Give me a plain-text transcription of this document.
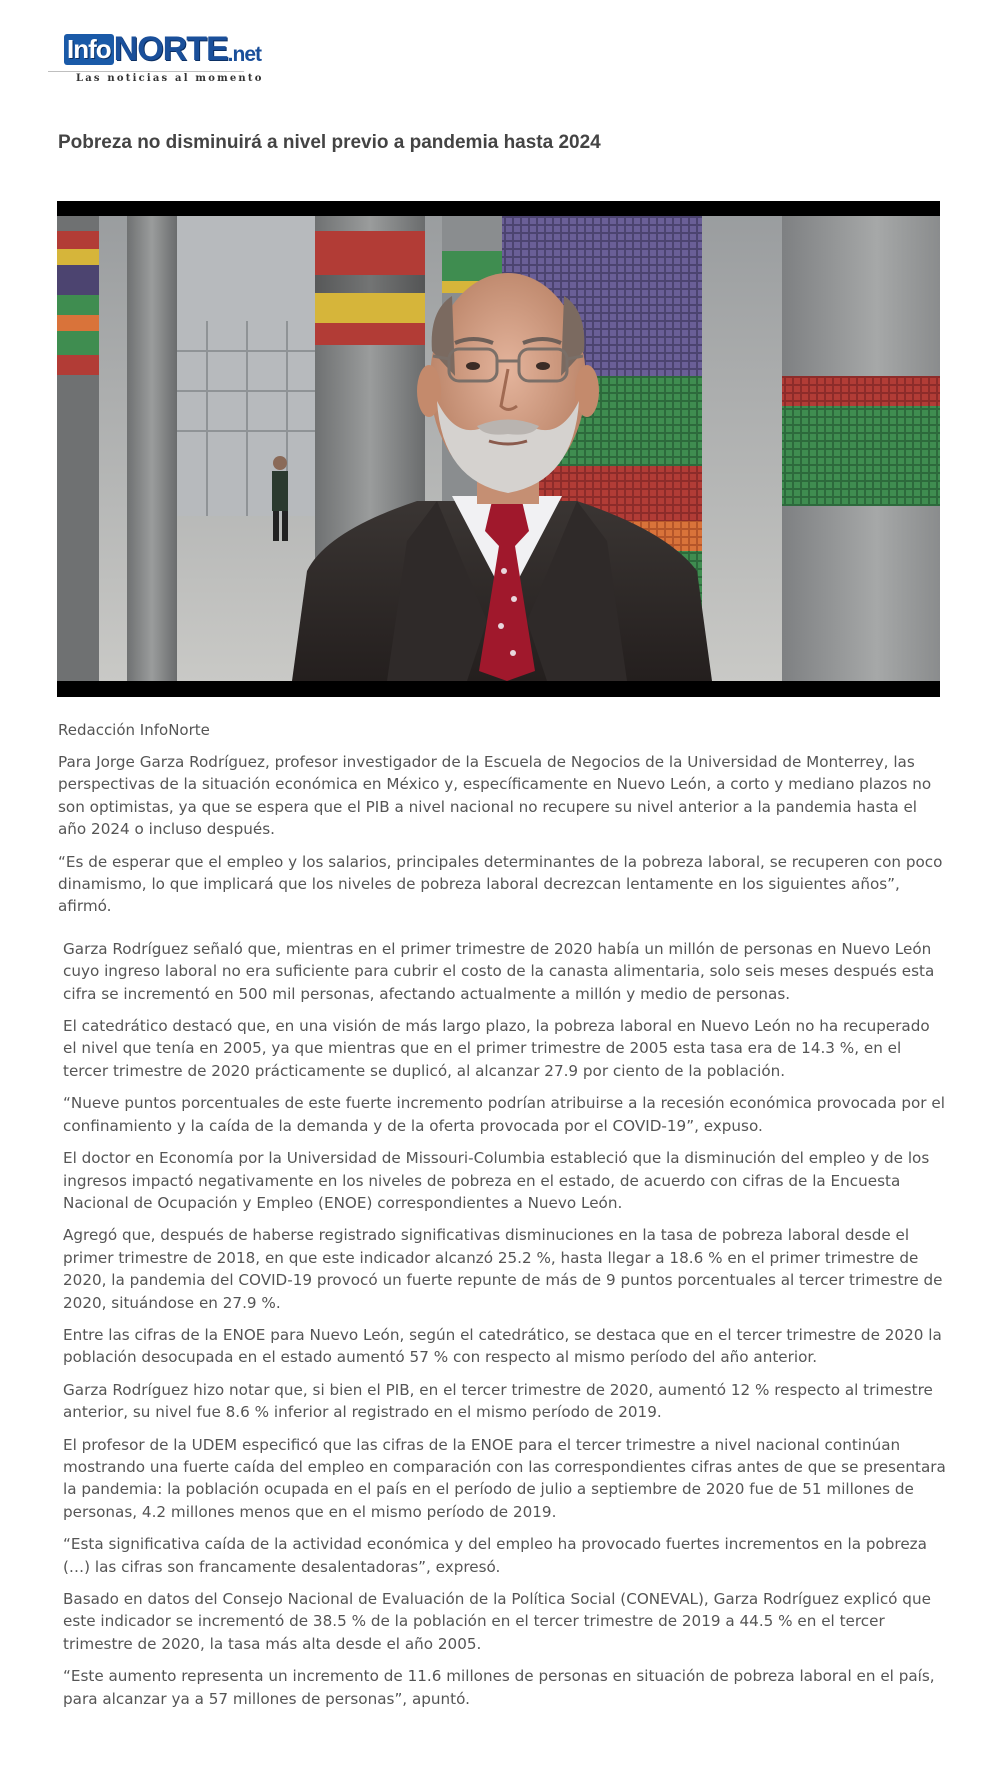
InfoNORTE.net
Las noticias al momento
Pobreza no disminuirá a nivel previo a pandemia hasta 2024

Redacción InfoNorte

Para Jorge Garza Rodríguez, profesor investigador de la Escuela de Negocios de la Universidad de Monterrey, las perspectivas de la situación económica en México y, específicamente en Nuevo León, a corto y mediano plazos no son optimistas, ya que se espera que el PIB a nivel nacional no recupere su nivel anterior a la pandemia hasta el año 2024 o incluso después.

“Es de esperar que el empleo y los salarios, principales determinantes de la pobreza laboral, se recuperen con poco dinamismo, lo que implicará que los niveles de pobreza laboral decrezcan lentamente en los siguientes años”, afirmó.

Garza Rodríguez señaló que, mientras en el primer trimestre de 2020 había un millón de personas en Nuevo León cuyo ingreso laboral no era suficiente para cubrir el costo de la canasta alimentaria, solo seis meses después esta cifra se incrementó en 500 mil personas, afectando actualmente a millón y medio de personas.

El catedrático destacó que, en una visión de más largo plazo, la pobreza laboral en Nuevo León no ha recuperado el nivel que tenía en 2005, ya que mientras que en el primer trimestre de 2005 esta tasa era de 14.3 %, en el tercer trimestre de 2020 prácticamente se duplicó, al alcanzar 27.9 por ciento de la población.

“Nueve puntos porcentuales de este fuerte incremento podrían atribuirse a la recesión económica provocada por el confinamiento y la caída de la demanda y de la oferta provocada por el COVID-19”, expuso.

El doctor en Economía por la Universidad de Missouri-Columbia estableció que la disminución del empleo y de los ingresos impactó negativamente en los niveles de pobreza en el estado, de acuerdo con cifras de la Encuesta Nacional de Ocupación y Empleo (ENOE) correspondientes a Nuevo León.

Agregó que, después de haberse registrado significativas disminuciones en la tasa de pobreza laboral desde el primer trimestre de 2018, en que este indicador alcanzó 25.2 %, hasta llegar a 18.6 % en el primer trimestre de 2020, la pandemia del COVID-19 provocó un fuerte repunte de más de 9 puntos porcentuales al tercer trimestre de 2020, situándose en 27.9 %.

Entre las cifras de la ENOE para Nuevo León, según el catedrático, se destaca que en el tercer trimestre de 2020 la población desocupada en el estado aumentó 57 % con respecto al mismo período del año anterior.

Garza Rodríguez hizo notar que, si bien el PIB, en el tercer trimestre de 2020, aumentó 12 % respecto al trimestre anterior, su nivel fue 8.6 % inferior al registrado en el mismo período de 2019.

El profesor de la UDEM especificó que las cifras de la ENOE para el tercer trimestre a nivel nacional continúan mostrando una fuerte caída del empleo en comparación con las correspondientes cifras antes de que se presentara la pandemia: la población ocupada en el país en el período de julio a septiembre de 2020 fue de 51 millones de personas, 4.2 millones menos que en el mismo período de 2019.

“Esta significativa caída de la actividad económica y del empleo ha provocado fuertes incrementos en la pobreza (…) las cifras son francamente desalentadoras”, expresó.

Basado en datos del Consejo Nacional de Evaluación de la Política Social (CONEVAL), Garza Rodríguez explicó que este indicador se incrementó de 38.5 % de la población en el tercer trimestre de 2019 a 44.5 % en el tercer trimestre de 2020, la tasa más alta desde el año 2005.

“Este aumento representa un incremento de 11.6 millones de personas en situación de pobreza laboral en el país, para alcanzar ya a 57 millones de personas”, apuntó.
